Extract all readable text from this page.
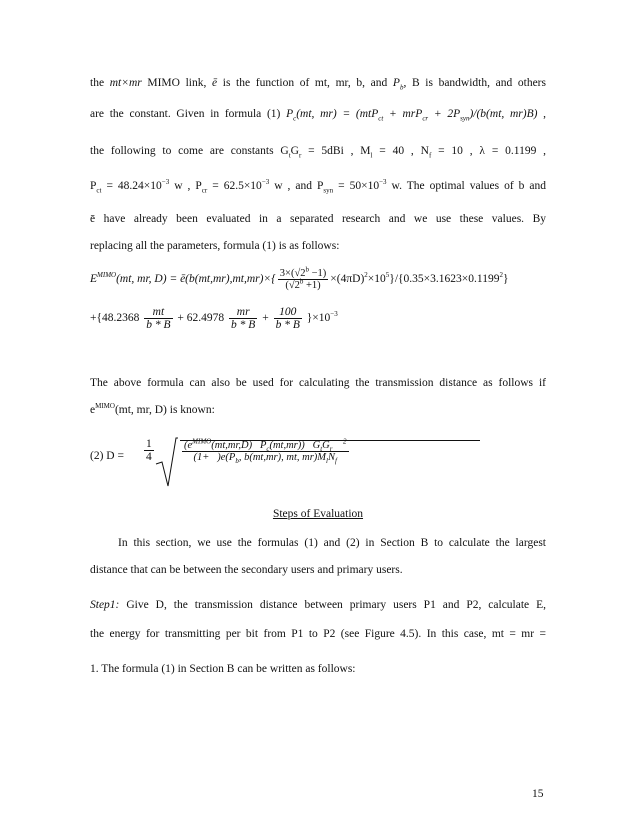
the mt×mr MIMO link, ē is the function of mt, mr, b, and $P_b$, B is bandwidth, and others
are the constant. Given in formula (1) $P_c(mt$, $mr) = (mtP_{ct} + mrP_{cr} + 2P_{syn})/(b(mt$, mr)B) ,
the following to come are constants $G_tG_r = 5dBi$ , $M_l = 40$ , $N_f = 10$ , λ = 0.1199 ,
$P_{ct} = 48.24\times 10^{-3}$ w , $P_{cr} = 62.5\times 10^{-3}$ w , and $P_{syn} = 50\times 10^{-3}$ w. The optimal values of b and
ē have already been evaluated in a separated research and we use these values. By
replacing all the parameters, formula (1) is as follows:
$E^{MIMO}(mt$, mr, D) = ē(b(mt,mr),mt,mr)×{ $\frac{3\times(√2^b -1)}{(√2^b +1)} \times(4\pi D)^2\times 10^5\}/\{0.35\times 3.1623\times 0.1199^2\}$
$+\{48.2368 \frac{mt}{b * B} + 62.4978 \frac{mr}{b * B} + \frac{100}{b * B} \}\times 10^{-3}$
The above formula can also be used for calculating the transmission distance as follows if
$e^{MIMO}(mt$, mr, D) is known:
(2) $D = \frac{1}{4}$	($e^{MIMO}(mt,mr,D)$   $P_c(mt,mr)$)   $G_tG_r$    $^2$
$(1+ )e(P_b$, b(mt,mr), mt, $mr)M_lN_f$
Steps of Evaluation
In this section, we use the formulas (1) and (2) in Section B to calculate the largest
distance that can be between the secondary users and primary users.
Step1: Give D, the transmission distance between primary users P1 and P2, calculate E,
the energy for transmitting per bit from P1 to P2 (see Figure 4.5). In this case, mt = mr =
1. The formula (1) in Section B can be written as follows:
15
